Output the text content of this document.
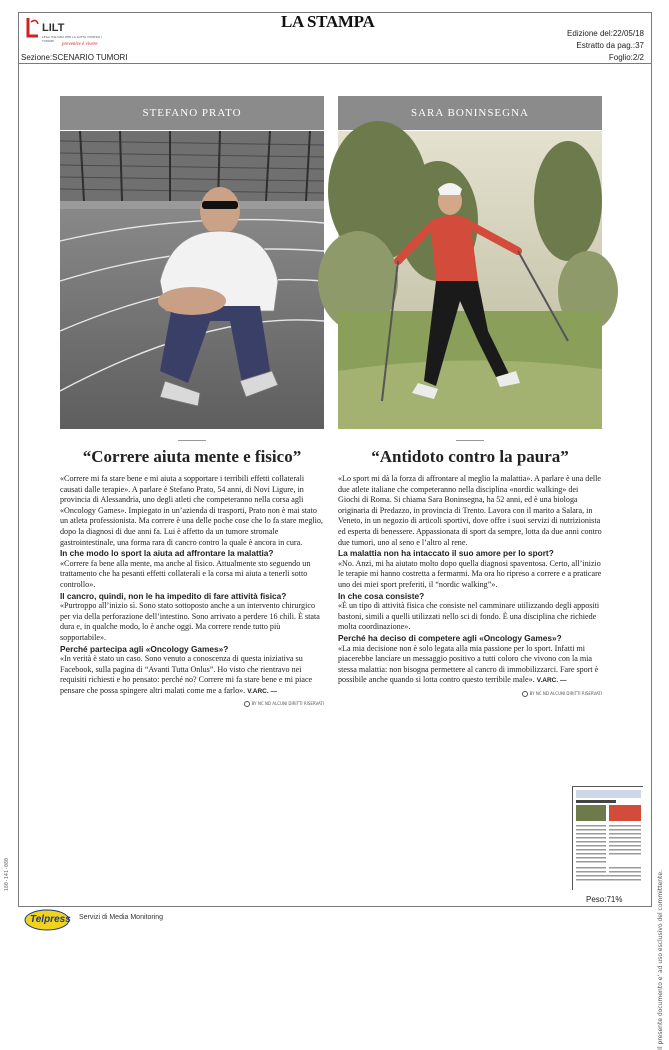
LILT
LEGA ITALIANA PER LA LOTTA CONTRO I TUMORI
prevenire è vivere
Sezione:SCENARIO TUMORI
LA STAMPA
Edizione del:22/05/18
Estratto da pag.:37
Foglio:2/2
STEFANO PRATO
“Correre aiuta mente e fisico”

«Correre mi fa stare bene e mi aiuta a sopportare i terribili effetti collaterali causati dalle terapie». A parlare è Stefano Prato, 54 anni, di Novi Ligure, in provincia di Alessandria, uno degli atleti che competeranno nella corsa agli «Oncology Games». Impiegato in un’azienda di trasporti, Prato non è mai stato un atleta professionista. Ma correre è una delle poche cose che lo fa stare meglio, dopo la diagnosi di due anni fa. Lui è affetto da un tumore stromale gastrointestinale, una forma rara di cancro contro la quale è ancora in cura.

In che modo lo sport la aiuta ad affrontare la malattia?

«Correre fa bene alla mente, ma anche al fisico. Attualmente sto seguendo un trattamento che ha pesanti effetti collaterali e la corsa mi aiuta a tenerli sotto controllo».

Il cancro, quindi, non le ha impedito di fare attività fisica?

«Purtroppo all’inizio sì. Sono stato sottoposto anche a un intervento chirurgico per via della perforazione dell’intestino. Sono arrivato a perdere 16 chili. È stata dura e, in qualche modo, lo è anche oggi. Ma correre rende tutto più sopportabile».

Perché partecipa agli «Oncology Games»?

«In verità è stato un caso. Sono venuto a conoscenza di questa iniziativa su Facebook, sulla pagina di “Avanti Tutta Onlus”. Ho visto che rientravo nei requisiti richiesti e ho pensato: perché no? Correre mi fa stare bene e mi piace pensare che possa spingere altri malati come me a farlo». V.ARC. —

BY NC ND ALCUNI DIRITTI RISERVATI
SARA BONINSEGNA
“Antidoto contro la paura”

«Lo sport mi dà la forza di affrontare al meglio la malattia». A parlare è una delle due atlete italiane che competeranno nella disciplina «nordic walking» dei Giochi di Roma. Si chiama Sara Boninsegna, ha 52 anni, ed è una biologa originaria di Predazzo, in provincia di Trento. Lavora con il marito a Salara, in Veneto, in un negozio di articoli sportivi, dove offre i suoi servizi di nutrizionista ed esperta di benessere. Appassionata di sport da sempre, lotta da due anni contro due tumori, uno al seno e l’altro al rene.

La malattia non ha intaccato il suo amore per lo sport?

«No. Anzi, mi ha aiutato molto dopo quella diagnosi spaventosa. Certo, all’inizio le terapie mi hanno costretta a fermarmi. Ma ora ho ripreso a correre e a praticare uno dei miei sport preferiti, il “nordic walking”».

In che cosa consiste?

«È un tipo di attività fisica che consiste nel camminare utilizzando degli appositi bastoni, simili a quelli utilizzati nello sci di fondo. È una disciplina che richiede molta coordinazione».

Perché ha deciso di competere agli «Oncology Games»?

«La mia decisione non è solo legata alla mia passione per lo sport. Infatti mi piacerebbe lanciare un messaggio positivo a tutti coloro che vivono con la mia stessa malattia: non bisogna permettere al cancro di immobilizzarci. Fare sport è possibile anche quando si lotta contro questo terribile male». V.ARC. —

BY NC ND ALCUNI DIRITTI RISERVATI
Peso:71%
180-141-080
Telpress Servizi di Media Monitoring	Il presente documento e' ad uso esclusivo del committente.
